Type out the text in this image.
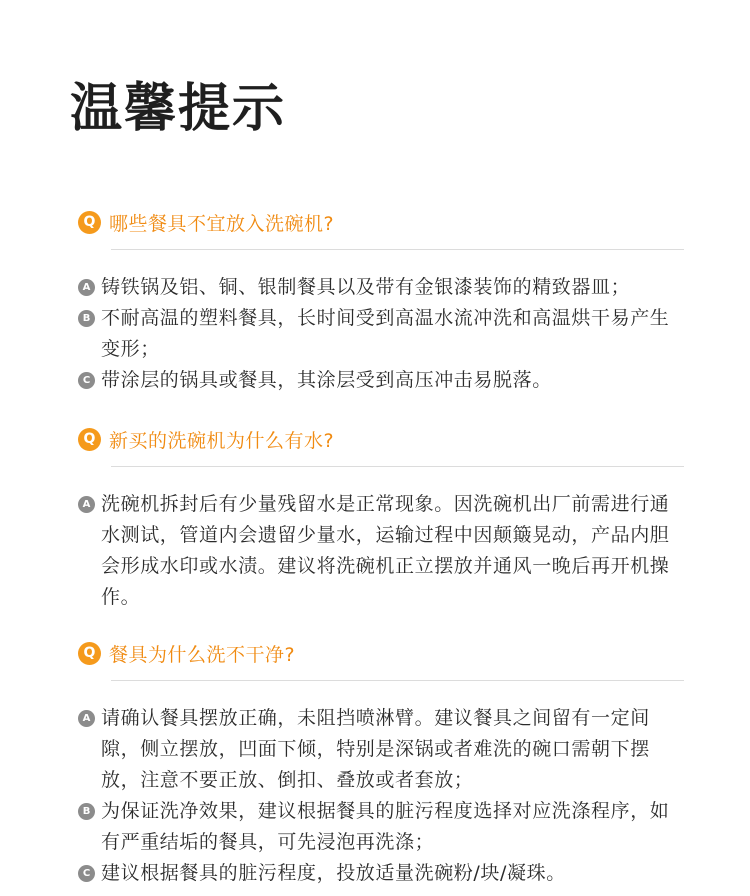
温馨提示
Q 哪些餐具不宜放入洗碗机?
A 铸铁锅及铝、铜、银制餐具以及带有金银漆装饰的精致器皿；
B 不耐高温的塑料餐具，长时间受到高温水流冲洗和高温烘干易产生变形；
C 带涂层的锅具或餐具，其涂层受到高压冲击易脱落。
Q 新买的洗碗机为什么有水?
A 洗碗机拆封后有少量残留水是正常现象。因洗碗机出厂前需进行通水测试，管道内会遗留少量水，运输过程中因颠簸晃动，产品内胆会形成水印或水渍。建议将洗碗机正立摆放并通风一晚后再开机操作。
Q 餐具为什么洗不干净?
A 请确认餐具摆放正确，未阻挡喷淋臂。建议餐具之间留有一定间隙，侧立摆放，凹面下倾，特别是深锅或者难洗的碗口需朝下摆放，注意不要正放、倒扣、叠放或者套放；
B 为保证洗净效果，建议根据餐具的脏污程度选择对应洗涤程序，如有严重结垢的餐具，可先浸泡再洗涤；
C 建议根据餐具的脏污程度，投放适量洗碗粉/块/凝珠。
